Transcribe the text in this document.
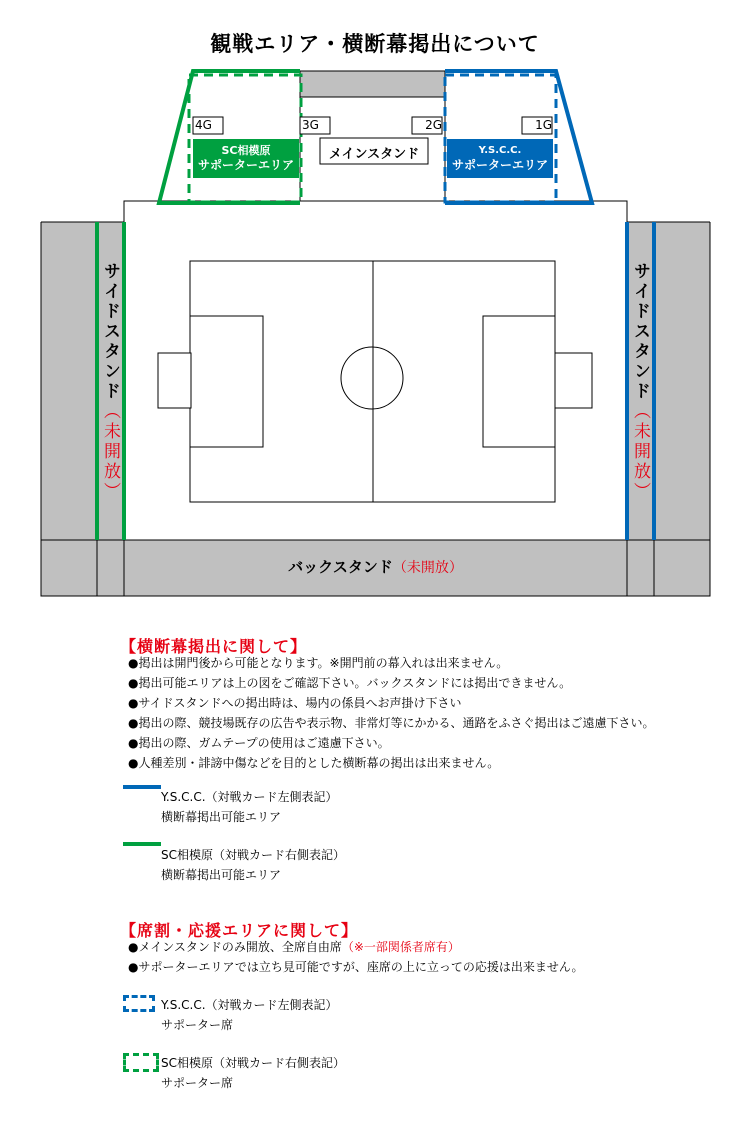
観戦エリア・横断幕掲出について
4G	3G	2G	1G
メインスタンド
SC相模原
サポーターエリア
Y.S.C.C.
サポーターエリア
サイドスタンド（未開放）
サイドスタンド（未開放）
バックスタンド（未開放）
【横断幕掲出に関して】
●掲出は開門後から可能となります。※開門前の幕入れは出来ません。
●掲出可能エリアは上の図をご確認下さい。バックスタンドには掲出できません。
●サイドスタンドへの掲出時は、場内の係員へお声掛け下さい
●掲出の際、競技場既存の広告や表示物、非常灯等にかかる、通路をふさぐ掲出はご遠慮下さい。
●掲出の際、ガムテープの使用はご遠慮下さい。
●人種差別・誹謗中傷などを目的とした横断幕の掲出は出来ません。
Y.S.C.C.（対戦カード左側表記）
横断幕掲出可能エリア
SC相模原（対戦カード右側表記）
横断幕掲出可能エリア
【席割・応援エリアに関して】
●メインスタンドのみ開放、全席自由席（※一部関係者席有）
●サポーターエリアでは立ち見可能ですが、座席の上に立っての応援は出来ません。
Y.S.C.C.（対戦カード左側表記）
サポーター席
SC相模原（対戦カード右側表記）
サポーター席
